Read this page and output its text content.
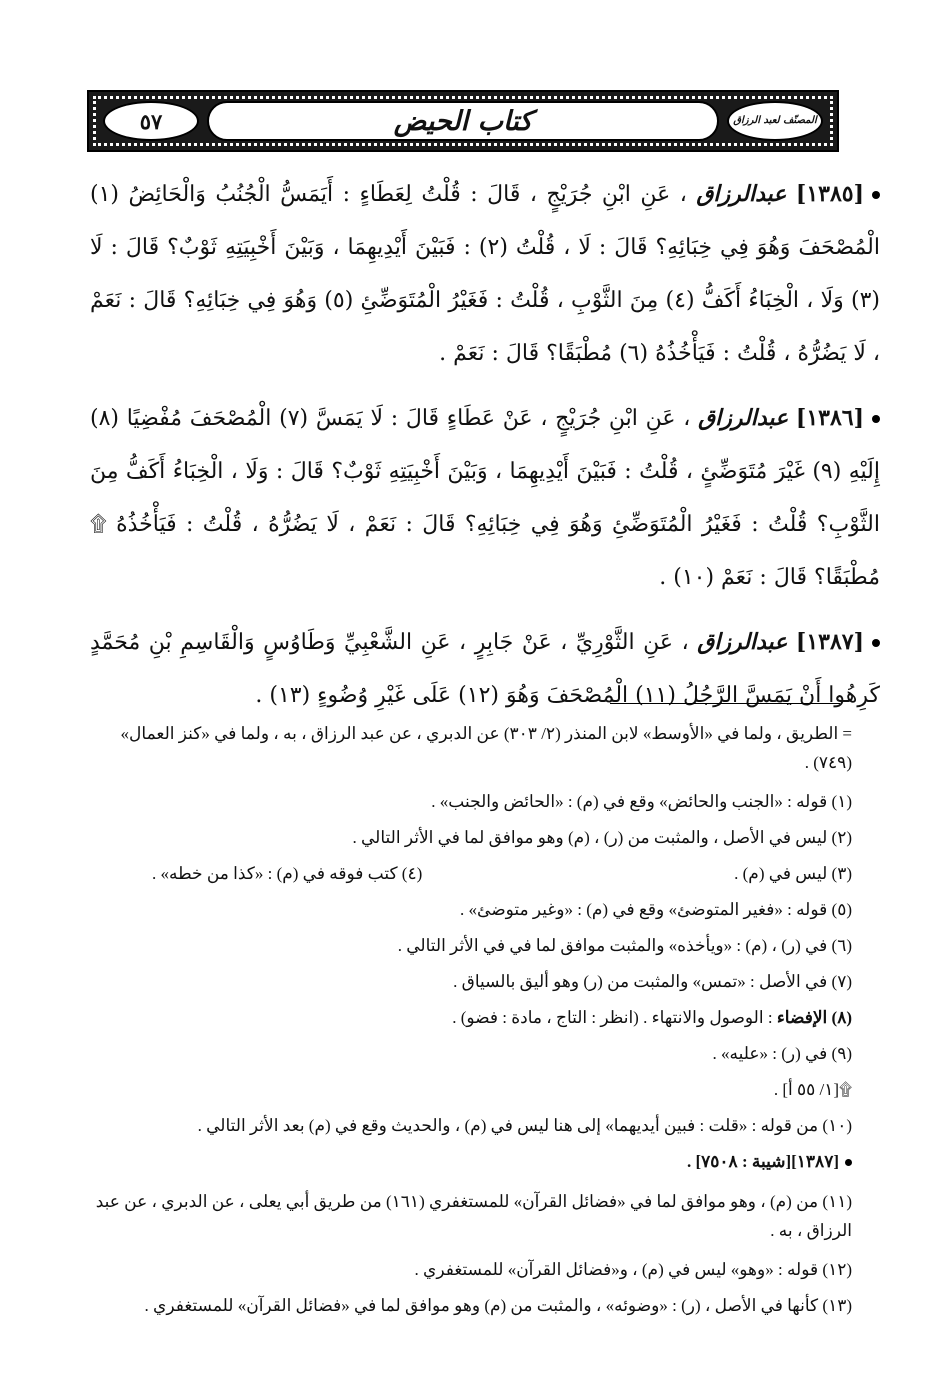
المصنّف لعبد الرزاق
كتاب الحيض
٥٧

[١٣٨٥] عبدالرزاق ، عَنِ ابْنِ جُرَيْجٍ ، قَالَ : قُلْتُ لِعَطَاءٍ : أَيَمَسُّ الْجُنُبُ وَالْحَائِضُ (١) الْمُصْحَفَ وَهُوَ فِي خِبَائِهِ؟ قَالَ : لَا ، قُلْتُ (٢) : فَبَيْنَ أَيْدِيهِمَا ، وَبَيْنَ أَخْبِيَتِهِ ثَوْبٌ؟ قَالَ : لَا (٣) وَلَا ، الْخِبَاءُ أَكَفُّ (٤) مِنَ الثَّوْبِ ، قُلْتُ : فَغَيْرُ الْمُتَوَضِّئِ (٥) وَهُوَ فِي خِبَائِهِ؟ قَالَ : نَعَمْ ، لَا يَضُرُّهُ ، قُلْتُ : فَيَأْخُذُهُ (٦) مُطْبَقًا؟ قَالَ : نَعَمْ .

[١٣٨٦] عبدالرزاق ، عَنِ ابْنِ جُرَيْجٍ ، عَنْ عَطَاءٍ قَالَ : لَا يَمَسَّ (٧) الْمُصْحَفَ مُفْضِيًا (٨) إِلَيْهِ (٩) غَيْرَ مُتَوَضِّئٍ ، قُلْتُ : فَبَيْنَ أَيْدِيهِمَا ، وَبَيْنَ أَخْبِيَتِهِ ثَوْبٌ؟ قَالَ : وَلَا ، الْخِبَاءُ أَكَفُّ مِنَ الثَّوْبِ؟ قُلْتُ : فَغَيْرُ الْمُتَوَضِّئِ وَهُوَ فِي خِبَائِهِ؟ قَالَ : نَعَمْ ، لَا يَضُرُّهُ ، قُلْتُ : فَيَأْخُذُهُ ۩ مُطْبَقًا؟ قَالَ : نَعَمْ (١٠) .

[١٣٨٧] عبدالرزاق ، عَنِ الثَّوْرِيِّ ، عَنْ جَابِرٍ ، عَنِ الشَّعْبِيِّ وَطَاوُسٍ وَالْقَاسِمِ بْنِ مُحَمَّدٍ كَرِهُوا أَنْ يَمَسَّ الرَّجُلُ (١١) الْمُصْحَفَ وَهُوَ (١٢) عَلَى غَيْرِ وُضُوءٍ (١٣) .

= الطريق ، ولما في «الأوسط» لابن المنذر (٢/ ٣٠٣) عن الدبري ، عن عبد الرزاق ، به ، ولما في «كنز العمال» (٧٤٩) .
(١) قوله : «الجنب والحائض» وقع في (م) : «الحائض والجنب» .
(٢) ليس في الأصل ، والمثبت من (ر) ، (م) وهو موافق لما في الأثر التالي .
(٣) ليس في (م) .
(٤) كتب فوقه في (م) : «كذا من خطه» .
(٥) قوله : «فغير المتوضئ» وقع في (م) : «وغير متوضئ» .
(٦) في (ر) ، (م) : «ويأخذه» والمثبت موافق لما في في الأثر التالي .
(٧) في الأصل : «تمس» والمثبت من (ر) وهو أليق بالسياق .
(٨) الإفضاء

: الوصول والانتهاء . (انظر : التاج ، مادة : فضو) .
(٩) في (ر) : «عليه» .
۩[١/ ٥٥ أ] .
(١٠) من قوله : «قلت : فبين أيديهما» إلى هنا ليس في (م) ، والحديث وقع في (م) بعد الأثر التالي .
[١٣٨٧][شيبة : ٧٥٠٨] .
(١١) من (م) ، وهو موافق لما في «فضائل القرآن» للمستغفري (١٦١) من طريق أبي يعلى ، عن الدبري ، عن عبد الرزاق ، به .
(١٢) قوله : «وهو» ليس في (م) ، و«فضائل القرآن» للمستغفري .
(١٣) كأنها في الأصل ، (ر) : «وضوئه» ، والمثبت من (م) وهو موافق لما في «فضائل القرآن» للمستغفري .
